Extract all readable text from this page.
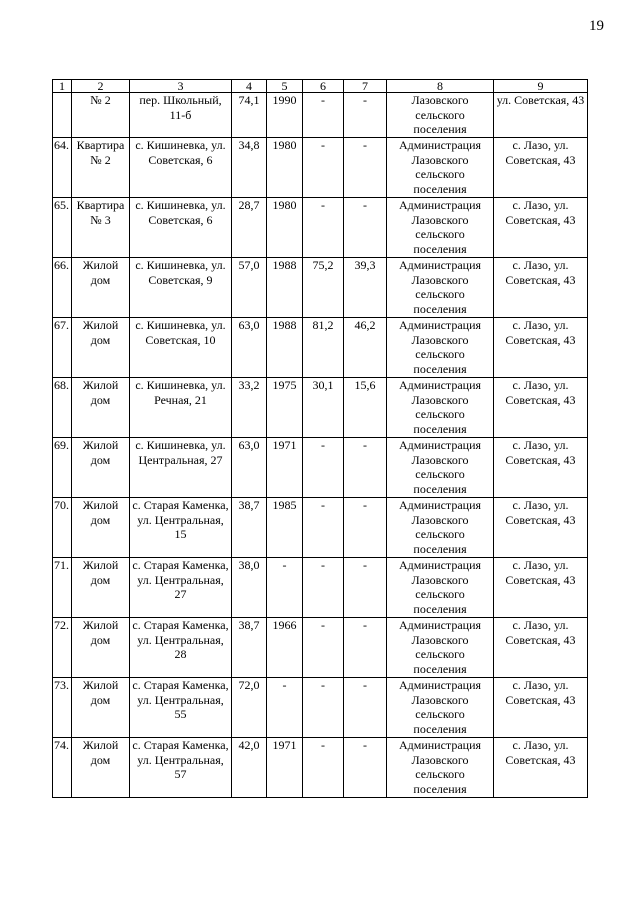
19
1	2	3	4	5	6	7	8	9
	№ 2	пер. Школьный, 11-б	74,1	1990	-	-	Лазовского сельского поселения	ул. Советская, 43
64.	Квартира № 2	с. Кишиневка, ул. Советская, 6	34,8	1980	-	-	Администрация Лазовского сельского поселения	с. Лазо, ул. Советская, 43
65.	Квартира № 3	с. Кишиневка, ул. Советская, 6	28,7	1980	-	-	Администрация Лазовского сельского поселения	с. Лазо, ул. Советская, 43
66.	Жилой дом	с. Кишиневка, ул. Советская, 9	57,0	1988	75,2	39,3	Администрация Лазовского сельского поселения	с. Лазо, ул. Советская, 43
67.	Жилой дом	с. Кишиневка, ул. Советская, 10	63,0	1988	81,2	46,2	Администрация Лазовского сельского поселения	с. Лазо, ул. Советская, 43
68.	Жилой дом	с. Кишиневка, ул. Речная, 21	33,2	1975	30,1	15,6	Администрация Лазовского сельского поселения	с. Лазо, ул. Советская, 43
69.	Жилой дом	с. Кишиневка, ул. Центральная, 27	63,0	1971	-	-	Администрация Лазовского сельского поселения	с. Лазо, ул. Советская, 43
70.	Жилой дом	с. Старая Каменка, ул. Центральная, 15	38,7	1985	-	-	Администрация Лазовского сельского поселения	с. Лазо, ул. Советская, 43
71.	Жилой дом	с. Старая Каменка, ул. Центральная, 27	38,0	-	-	-	Администрация Лазовского сельского поселения	с. Лазо, ул. Советская, 43
72.	Жилой дом	с. Старая Каменка, ул. Центральная, 28	38,7	1966	-	-	Администрация Лазовского сельского поселения	с. Лазо, ул. Советская, 43
73.	Жилой дом	с. Старая Каменка, ул. Центральная, 55	72,0	-	-	-	Администрация Лазовского сельского поселения	с. Лазо, ул. Советская, 43
74.	Жилой дом	с. Старая Каменка, ул. Центральная, 57	42,0	1971	-	-	Администрация Лазовского сельского поселения	с. Лазо, ул. Советская, 43
